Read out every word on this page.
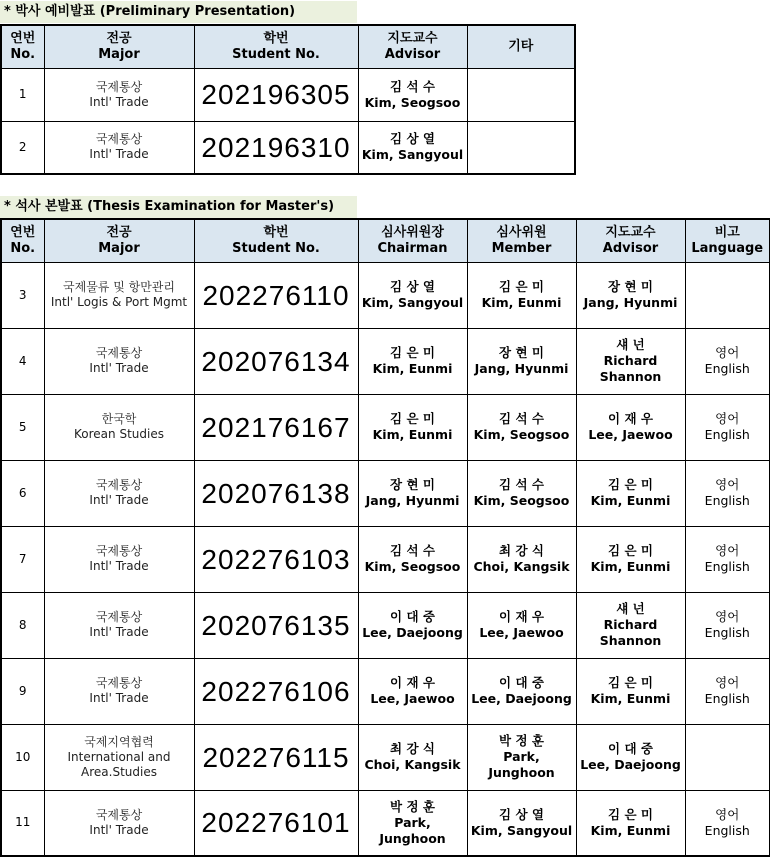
* 박사 예비발표 (Preliminary Presentation)
연번
No.	전공
Major	학번
Student No.	지도교수
Advisor	기타

1	국제통상
Intl' Trade	202196305	김 석 수
Kim, Seogsoo	

2	국제통상
Intl' Trade	202196310	김 상 열
Kim, Sangyoul	

* 석사 본발표 (Thesis Examination for Master's)
연번
No.	전공
Major	학번
Student No.	심사위원장
Chairman	심사위원
Member	지도교수
Advisor	비고
Language

3	국제물류 및 항만관리
Intl' Logis & Port Mgmt	202276110	김 상 열
Kim, Sangyoul	김 은 미
Kim, Eunmi	장 현 미
Jang, Hyunmi	

4	국제통상
Intl' Trade	202076134	김 은 미
Kim, Eunmi	장 현 미
Jang, Hyunmi	섀 넌
Richard
Shannon	영어
English

5	한국학
Korean Studies	202176167	김 은 미
Kim, Eunmi	김 석 수
Kim, Seogsoo	이 재 우
Lee, Jaewoo	영어
English

6	국제통상
Intl' Trade	202076138	장 현 미
Jang, Hyunmi	김 석 수
Kim, Seogsoo	김 은 미
Kim, Eunmi	영어
English

7	국제통상
Intl' Trade	202276103	김 석 수
Kim, Seogsoo	최 강 식
Choi, Kangsik	김 은 미
Kim, Eunmi	영어
English

8	국제통상
Intl' Trade	202076135	이 대 중
Lee, Daejoong	이 재 우
Lee, Jaewoo	섀 넌
Richard
Shannon	영어
English

9	국제통상
Intl' Trade	202276106	이 재 우
Lee, Jaewoo	이 대 중
Lee, Daejoong	김 은 미
Kim, Eunmi	영어
English

10	국제지역협력
International and
Area.Studies	202276115	최 강 식
Choi, Kangsik	박 정 훈
Park,
Junghoon	이 대 중
Lee, Daejoong	

11	국제통상
Intl' Trade	202276101	박 정 훈
Park,
Junghoon	김 상 열
Kim, Sangyoul	김 은 미
Kim, Eunmi	영어
English
